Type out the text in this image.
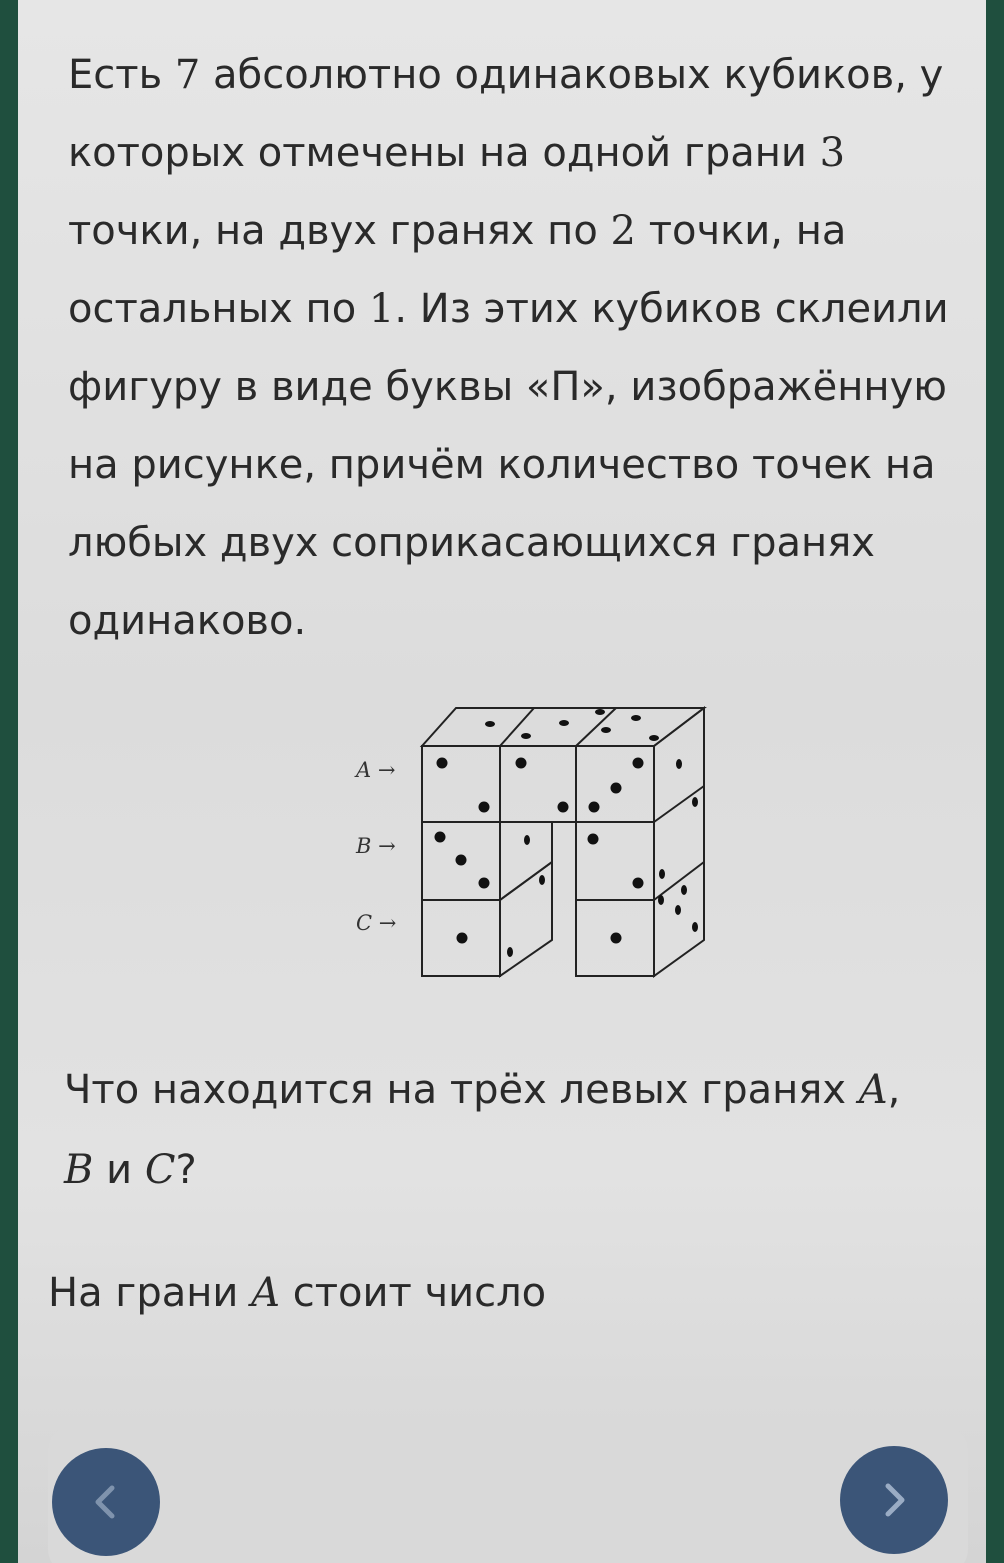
Есть 7 абсолютно одинаковых кубиков, у которых отмечены на одной грани 3 точки, на двух гранях по 2 точки, на остальных по 1. Из этих кубиков склеили фигуру в виде буквы «П», изображённую на рисунке, причём количество точек на любых двух соприкасающихся гранях одинаково.

A →
B →
C →

Что находится на трёх левых гранях A,
B и C?

На грани A стоит число
